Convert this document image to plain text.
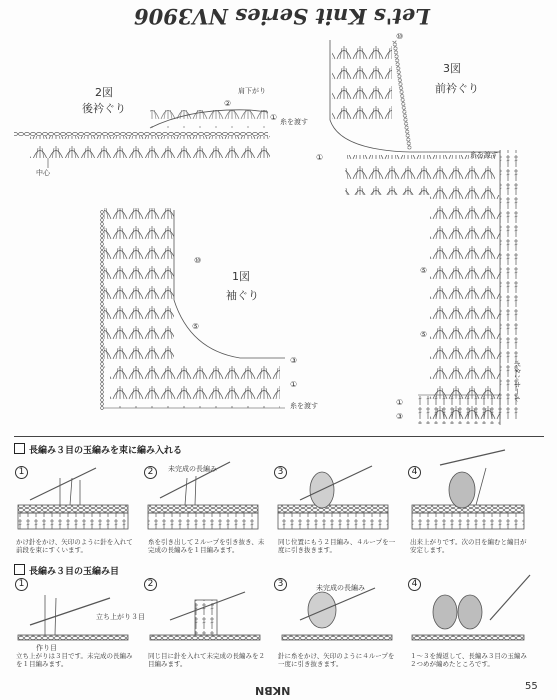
Let's Knit Series NV3906
2図
後衿ぐり
肩下がり
糸を渡す
中心
②
①
3図
前衿ぐり
糸を渡す
⑩
①
⑤
⑤
ボタンホール
①
③
1図
袖ぐり
糸を渡す
⑩
⑤
③
①
長編み３目の玉編みを束に編み入れる
1	2	3	4
未完成の長編み
かけ針をかけ、矢印のように針を入れて前段を束にすくいます。
糸を引き出して２ループを引き抜き、未完成の長編みを１目編みます。
同じ位置にもう２目編み、４ループを一度に引き抜きます。
出来上がりです。次の目を編むと編目が安定します。
長編み３目の玉編み目
1	2	3	4
立ち上がり３目
作り目
未完成の長編み
立ち上がりは３目です。未完成の長編みを１目編みます。
同じ目に針を入れて未完成の長編みを２目編みます。
針に糸をかけ、矢印のように４ループを一度に引き抜きます。
１～３を繰返して、長編み３目の玉編み２つめが編めたところです。
NKBN	55
